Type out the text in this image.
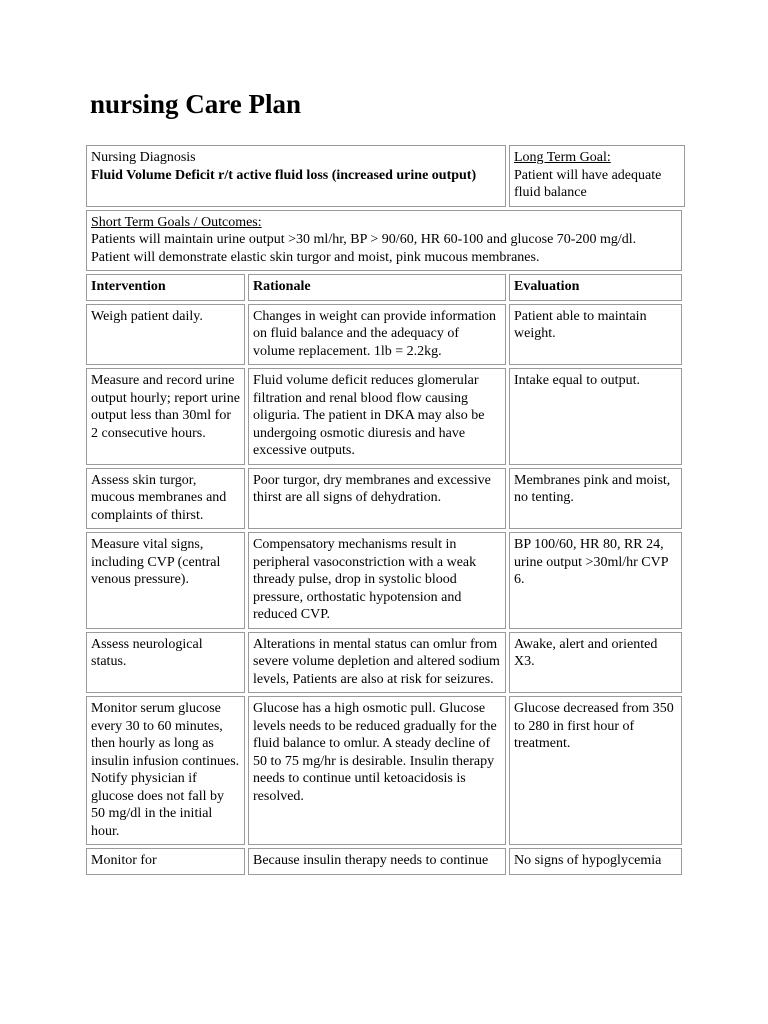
nursing Care Plan
Nursing Diagnosis
Fluid Volume Deficit r/t active fluid loss (increased urine output)

Long Term Goal:
Patient will have adequate fluid balance
Short Term Goals / Outcomes:
Patients will maintain urine output >30 ml/hr, BP > 90/60, HR 60-100 and glucose 70-200 mg/dl.
Patient will demonstrate elastic skin turgor and moist, pink mucous membranes.
Intervention	Rationale	Evaluation
Weigh patient daily.	Changes in weight can provide information on fluid balance and the adequacy of volume replacement. 1lb = 2.2kg.	Patient able to maintain weight.
Measure and record urine output hourly; report urine output less than 30ml for 2 consecutive hours.	Fluid volume deficit reduces glomerular filtration and renal blood flow causing oliguria. The patient in DKA may also be undergoing osmotic diuresis and have excessive outputs.	Intake equal to output.
Assess skin turgor, mucous membranes and complaints of thirst.	Poor turgor, dry membranes and excessive thirst are all signs of dehydration.	Membranes pink and moist, no tenting.
Measure vital signs, including CVP (central venous pressure).	Compensatory mechanisms result in peripheral vasoconstriction with a weak thready pulse, drop in systolic blood pressure, orthostatic hypotension and reduced CVP.	BP 100/60, HR 80, RR 24, urine output >30ml/hr CVP 6.
Assess neurological status.	Alterations in mental status can omlur from severe volume depletion and altered sodium levels, Patients are also at risk for seizures.	Awake, alert and oriented X3.
Monitor serum glucose every 30 to 60 minutes, then hourly as long as insulin infusion continues. Notify physician if glucose does not fall by 50 mg/dl in the initial hour.	Glucose has a high osmotic pull. Glucose levels needs to be reduced gradually for the fluid balance to omlur. A steady decline of 50 to 75 mg/hr is desirable. Insulin therapy needs to continue until ketoacidosis is resolved.	Glucose decreased from 350 to 280 in first hour of treatment.
Monitor for	Because insulin therapy needs to continue	No signs of hypoglycemia
